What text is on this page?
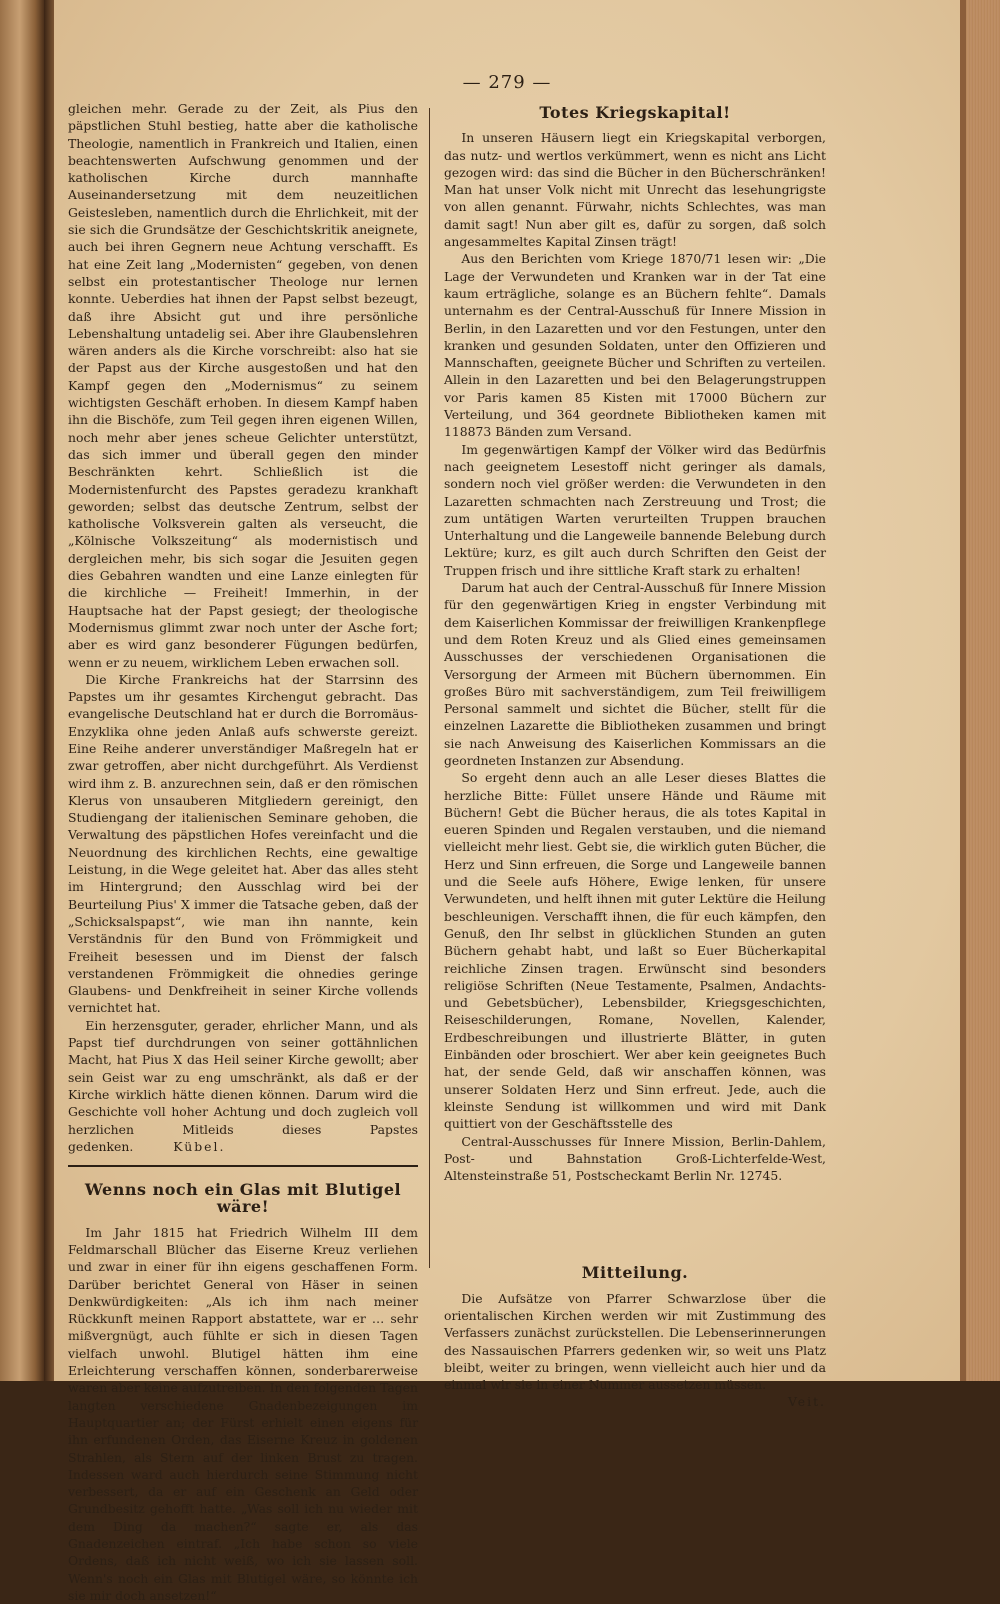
— 279 —

gleichen mehr. Gerade zu der Zeit, als Pius den päpstlichen Stuhl bestieg, hatte aber die katholische Theologie, namentlich in Frankreich und Italien, einen beachtenswerten Aufschwung genommen und der katholischen Kirche durch mannhafte Auseinandersetzung mit dem neuzeitlichen Geistesleben, namentlich durch die Ehrlichkeit, mit der sie sich die Grundsätze der Geschichtskritik aneignete, auch bei ihren Gegnern neue Achtung verschafft. Es hat eine Zeit lang „Modernisten“ gegeben, von denen selbst ein protestantischer Theologe nur lernen konnte. Ueberdies hat ihnen der Papst selbst bezeugt, daß ihre Absicht gut und ihre persönliche Lebenshaltung untadelig sei. Aber ihre Glaubenslehren wären anders als die Kirche vorschreibt: also hat sie der Papst aus der Kirche ausgestoßen und hat den Kampf gegen den „Modernismus“ zu seinem wichtigsten Geschäft erhoben. In diesem Kampf haben ihn die Bischöfe, zum Teil gegen ihren eigenen Willen, noch mehr aber jenes scheue Gelichter unterstützt, das sich immer und überall gegen den minder Beschränkten kehrt. Schließlich ist die Modernistenfurcht des Papstes geradezu krankhaft geworden; selbst das deutsche Zentrum, selbst der katholische Volksverein galten als verseucht, die „Kölnische Volkszeitung“ als modernistisch und dergleichen mehr, bis sich sogar die Jesuiten gegen dies Gebahren wandten und eine Lanze einlegten für die kirchliche — Freiheit! Immerhin, in der Hauptsache hat der Papst gesiegt; der theologische Modernismus glimmt zwar noch unter der Asche fort; aber es wird ganz besonderer Fügungen bedürfen, wenn er zu neuem, wirklichem Leben erwachen soll.

Die Kirche Frankreichs hat der Starrsinn des Papstes um ihr gesamtes Kirchengut gebracht. Das evangelische Deutschland hat er durch die Borromäus-Enzyklika ohne jeden Anlaß aufs schwerste gereizt. Eine Reihe anderer unverständiger Maßregeln hat er zwar getroffen, aber nicht durchgeführt. Als Verdienst wird ihm z. B. anzurechnen sein, daß er den römischen Klerus von unsauberen Mitgliedern gereinigt, den Studiengang der italienischen Seminare gehoben, die Verwaltung des päpstlichen Hofes vereinfacht und die Neuordnung des kirchlichen Rechts, eine gewaltige Leistung, in die Wege geleitet hat. Aber das alles steht im Hintergrund; den Ausschlag wird bei der Beurteilung Pius' X immer die Tatsache geben, daß der „Schicksalspapst“, wie man ihn nannte, kein Verständnis für den Bund von Frömmigkeit und Freiheit besessen und im Dienst der falsch verstandenen Frömmigkeit die ohnedies geringe Glaubens- und Denkfreiheit in seiner Kirche vollends vernichtet hat.

Ein herzensguter, gerader, ehrlicher Mann, und als Papst tief durchdrungen von seiner gottähnlichen Macht, hat Pius X das Heil seiner Kirche gewollt; aber sein Geist war zu eng umschränkt, als daß er der Kirche wirklich hätte dienen können. Darum wird die Geschichte voll hoher Achtung und doch zugleich voll herzlichen Mitleids dieses Papstes gedenken.	Kübel.

Wenns noch ein Glas mit Blutigel wäre!

Im Jahr 1815 hat Friedrich Wilhelm III dem Feldmarschall Blücher das Eiserne Kreuz verliehen und zwar in einer für ihn eigens geschaffenen Form. Darüber berichtet General von Häser in seinen Denkwürdigkeiten: „Als ich ihm nach meiner Rückkunft meinen Rapport abstattete, war er … sehr mißvergnügt, auch fühlte er sich in diesen Tagen vielfach unwohl. Blutigel hätten ihm eine Erleichterung verschaffen können, sonderbarerweise waren aber keine aufzutreiben. In den folgenden Tagen langten verschiedene Gnadenbezeigungen im Hauptquartier an; der Fürst erhielt einen eigens für ihn erfundenen Orden, das Eiserne Kreuz in goldenen Strahlen, als Stern auf der linken Brust zu tragen. Indessen ward auch hierdurch seine Stimmung nicht verbessert, da er auf ein Geschenk an Geld oder Grundbesitz gehofft hatte. „Was soll ich nu wieder mit dem Ding da machen?“ sagte er, als das Gnadenzeichen eintraf. „Ich habe schon so viele Ordens, daß ich nicht weiß, wo ich sie lassen soll. Wenn's noch ein Glas mit Blutigel wäre, so könnte ich sie mir doch ansetzen!“

Totes Kriegskapital!

In unseren Häusern liegt ein Kriegskapital verborgen, das nutz- und wertlos verkümmert, wenn es nicht ans Licht gezogen wird: das sind die Bücher in den Bücherschränken! Man hat unser Volk nicht mit Unrecht das lesehungrigste von allen genannt. Fürwahr, nichts Schlechtes, was man damit sagt! Nun aber gilt es, dafür zu sorgen, daß solch angesammeltes Kapital Zinsen trägt!

Aus den Berichten vom Kriege 1870/71 lesen wir: „Die Lage der Verwundeten und Kranken war in der Tat eine kaum erträgliche, solange es an Büchern fehlte“. Damals unternahm es der Central-Ausschuß für Innere Mission in Berlin, in den Lazaretten und vor den Festungen, unter den kranken und gesunden Soldaten, unter den Offizieren und Mannschaften, geeignete Bücher und Schriften zu verteilen. Allein in den Lazaretten und bei den Belagerungstruppen vor Paris kamen 85 Kisten mit 17000 Büchern zur Verteilung, und 364 geordnete Bibliotheken kamen mit 118873 Bänden zum Versand.

Im gegenwärtigen Kampf der Völker wird das Bedürfnis nach geeignetem Lesestoff nicht geringer als damals, sondern noch viel größer werden: die Verwundeten in den Lazaretten schmachten nach Zerstreuung und Trost; die zum untätigen Warten verurteilten Truppen brauchen Unterhaltung und die Langeweile bannende Belebung durch Lektüre; kurz, es gilt auch durch Schriften den Geist der Truppen frisch und ihre sittliche Kraft stark zu erhalten!

Darum hat auch der Central-Ausschuß für Innere Mission für den gegenwärtigen Krieg in engster Verbindung mit dem Kaiserlichen Kommissar der freiwilligen Krankenpflege und dem Roten Kreuz und als Glied eines gemeinsamen Ausschusses der verschiedenen Organisationen die Versorgung der Armeen mit Büchern übernommen. Ein großes Büro mit sachverständigem, zum Teil freiwilligem Personal sammelt und sichtet die Bücher, stellt für die einzelnen Lazarette die Bibliotheken zusammen und bringt sie nach Anweisung des Kaiserlichen Kommissars an die geordneten Instanzen zur Absendung.

So ergeht denn auch an alle Leser dieses Blattes die herzliche Bitte: Füllet unsere Hände und Räume mit Büchern! Gebt die Bücher heraus, die als totes Kapital in eueren Spinden und Regalen verstauben, und die niemand vielleicht mehr liest. Gebt sie, die wirklich guten Bücher, die Herz und Sinn erfreuen, die Sorge und Langeweile bannen und die Seele aufs Höhere, Ewige lenken, für unsere Verwundeten, und helft ihnen mit guter Lektüre die Heilung beschleunigen. Verschafft ihnen, die für euch kämpfen, den Genuß, den Ihr selbst in glücklichen Stunden an guten Büchern gehabt habt, und laßt so Euer Bücherkapital reichliche Zinsen tragen. Erwünscht sind besonders religiöse Schriften (Neue Testamente, Psalmen, Andachts- und Gebetsbücher), Lebensbilder, Kriegsgeschichten, Reiseschilderungen, Romane, Novellen, Kalender, Erdbeschreibungen und illustrierte Blätter, in guten Einbänden oder broschiert. Wer aber kein geeignetes Buch hat, der sende Geld, daß wir anschaffen können, was unserer Soldaten Herz und Sinn erfreut. Jede, auch die kleinste Sendung ist willkommen und wird mit Dank quittiert von der Geschäftsstelle des

Central-Ausschusses für Innere Mission, Berlin-Dahlem, Post- und Bahnstation Groß-Lichterfelde-West, Altensteinstraße 51, Postscheckamt Berlin Nr. 12745.

Mitteilung.

Die Aufsätze von Pfarrer Schwarzlose über die orientalischen Kirchen werden wir mit Zustimmung des Verfassers zunächst zurückstellen. Die Lebenserinnerungen des Nassauischen Pfarrers gedenken wir, so weit uns Platz bleibt, weiter zu bringen, wenn vielleicht auch hier und da einmal wir sie in einer Nummer aussetzen müssen.

Veit.
